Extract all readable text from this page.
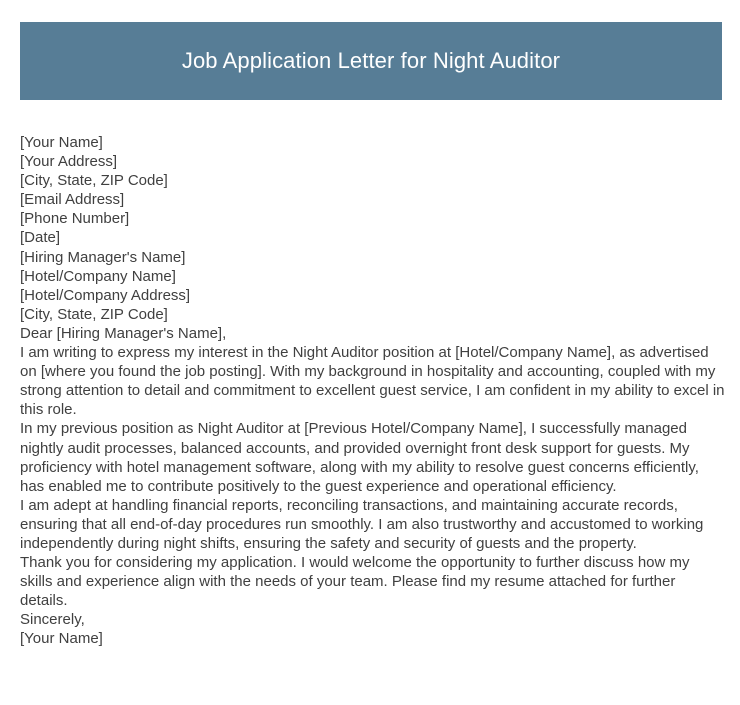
Job Application Letter for Night Auditor
[Your Name]
[Your Address]
[City, State, ZIP Code]
[Email Address]
[Phone Number]
[Date]
[Hiring Manager's Name]
[Hotel/Company Name]
[Hotel/Company Address]
[City, State, ZIP Code]
Dear [Hiring Manager's Name],

I am writing to express my interest in the Night Auditor position at [Hotel/Company Name], as advertised on [where you found the job posting]. With my background in hospitality and accounting, coupled with my strong attention to detail and commitment to excellent guest service, I am confident in my ability to excel in this role.

In my previous position as Night Auditor at [Previous Hotel/Company Name], I successfully managed nightly audit processes, balanced accounts, and provided overnight front desk support for guests. My proficiency with hotel management software, along with my ability to resolve guest concerns efficiently, has enabled me to contribute positively to the guest experience and operational efficiency.

I am adept at handling financial reports, reconciling transactions, and maintaining accurate records, ensuring that all end-of-day procedures run smoothly. I am also trustworthy and accustomed to working independently during night shifts, ensuring the safety and security of guests and the property.

Thank you for considering my application. I would welcome the opportunity to further discuss how my skills and experience align with the needs of your team. Please find my resume attached for further details.

Sincerely,
[Your Name]
